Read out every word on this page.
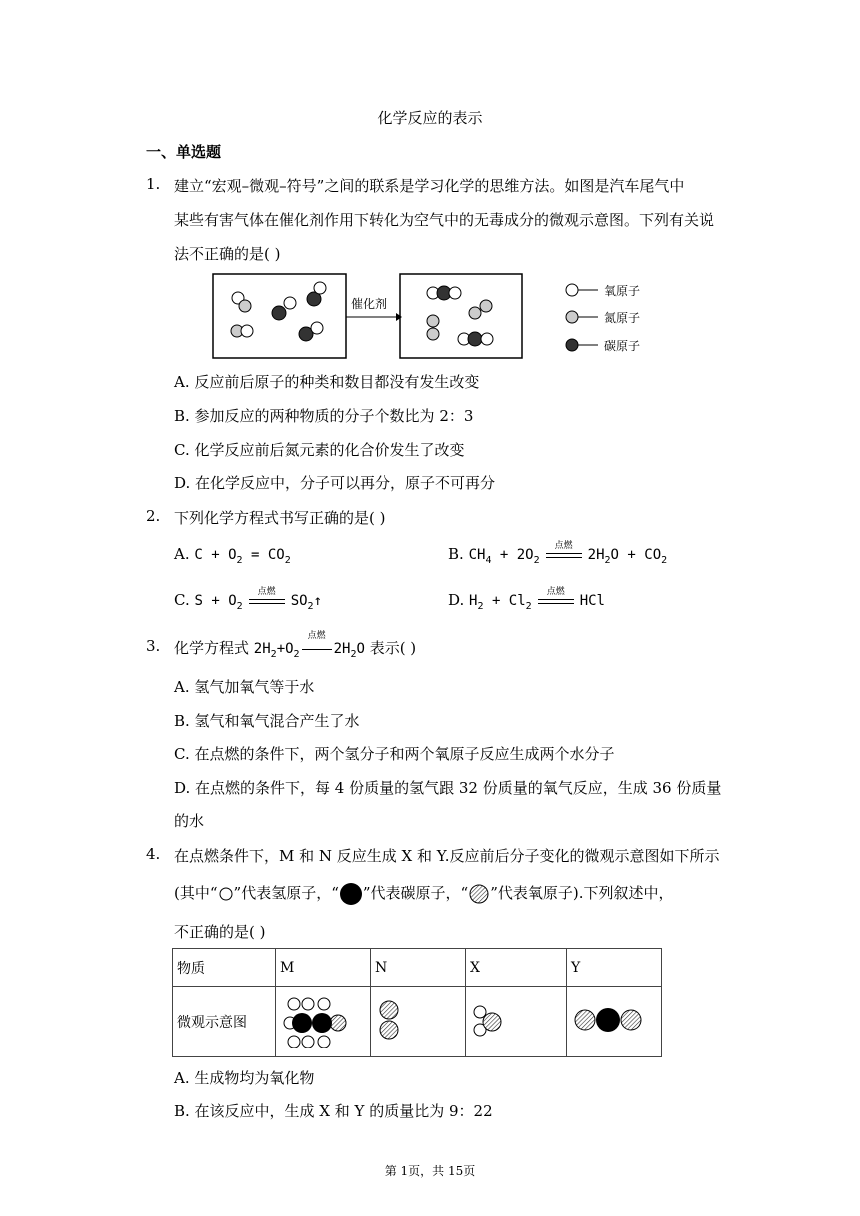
化学反应的表示
一、单选题
1. 建立“宏观–微观–符号”之间的联系是学习化学的思维方法。如图是汽车尾气中
某些有害气体在催化剂作用下转化为空气中的无毒成分的微观示意图。下列有关说
法不正确的是( )
催化剂
氧原子
氮原子
碳原子
A. 反应前后原子的种类和数目都没有发生改变
B. 参加反应的两种物质的分子个数比为 2：3
C. 化学反应前后氮元素的化合价发生了改变
D. 在化学反应中，分子可以再分，原子不可再分
2. 下列化学方程式书写正确的是( )
A. $C + O_2 = CO_2$	B. $CH_4 + 2O_2$
点燃
$2H_2O + CO_2$
C. $S + O_2$
点燃
$SO_2↑$	D. $H_2 + Cl_2$
点燃
HCl
3. 化学方程式 $2H_2+O_2$
点燃
$2H_2O$ 表示( )
A. 氢气加氧气等于水
B. 氢气和氧气混合产生了水
C. 在点燃的条件下，两个氢分子和两个氧原子反应生成两个水分子
D. 在点燃的条件下，每 4 份质量的氢气跟 32 份质量的氧气反应，生成 36 份质量
的水
4. 在点燃条件下，M 和 N 反应生成 X 和 Y.反应前后分子变化的微观示意图如下所示
(其中“ ”代表氢原子，“ ”代表碳原子，“ ”代表氧原子).下列叙述中，
不正确的是( )
物质	M	N	X	Y
微观示意图				
A. 生成物均为氧化物
B. 在该反应中，生成 X 和 Y 的质量比为 9：22
第 1页，共 15页
